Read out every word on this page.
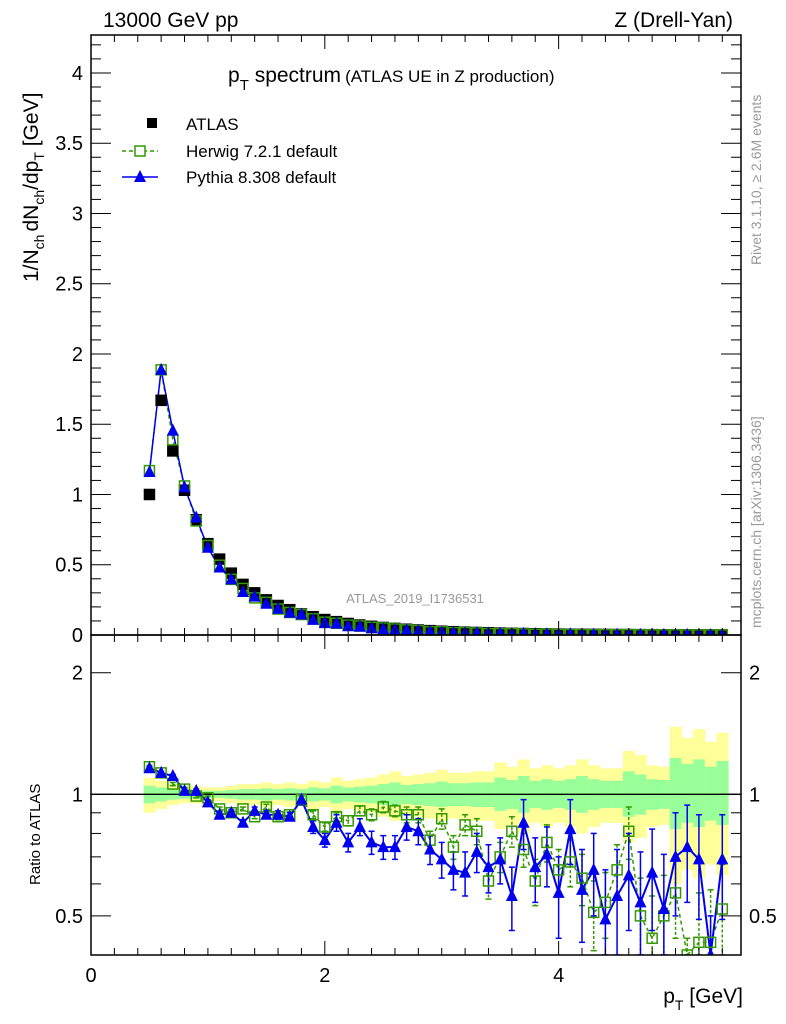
13000 GeV pp	Z (Drell-Yan)
0	2	4
0
0.5
1
1.5
2
2.5
3
3.5
4
0.5	0.5
1	1
2	2
$p_T$ spectrum (ATLAS UE in Z production)
ATLAS
Herwig 7.2.1 default
Pythia 8.308 default
ATLAS_2019_I1736531
Rivet 3.1.10, ≥ 2.6M events
mcplots.cern.ch [arXiv:1306.3436]
$1/N_{ch}dN_{ch}/dp_T$ [GeV]
Ratio to ATLAS
$p_T$ [GeV]
